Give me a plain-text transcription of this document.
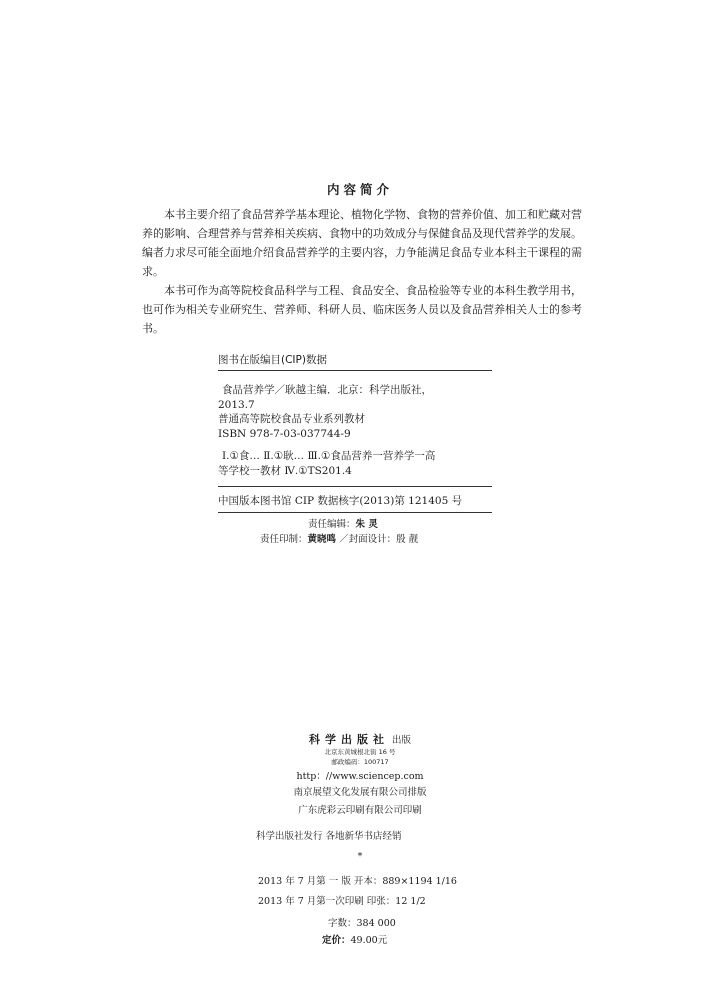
内容简介

本书主要介绍了食品营养学基本理论、植物化学物、食物的营养价值、加工和贮藏对营养的影响、合理营养与营养相关疾病、食物中的功效成分与保健食品及现代营养学的发展。编者力求尽可能全面地介绍食品营养学的主要内容，力争能满足食品专业本科主干课程的需求。

本书可作为高等院校食品科学与工程、食品安全、食品检验等专业的本科生教学用书，也可作为相关专业研究生、营养师、科研人员、临床医务人员以及食品营养相关人士的参考书。

图书在版编目(CIP)数据
食品营养学／耿越主编．北京：科学出版社，
2013.7
普通高等院校食品专业系列教材
ISBN 978-7-03-037744-9
Ⅰ.①食… Ⅱ.①耿… Ⅲ.①食品营养一营养学一高
等学校一教材 Ⅳ.①TS201.4
中国版本图书馆 CIP 数据核字(2013)第 121405 号
责任编辑：朱 灵
责任印制：黄晓鸣 ／封面设计：殷 靓
科学出版社 出版
北京东黄城根北街 16 号
邮政编码：100717
http：//www.sciencep.com
南京展望文化发展有限公司排版
广东虎彩云印刷有限公司印刷
科学出版社发行 各地新华书店经销
*
2013 年 7 月第 一 版 开本：889×1194 1/16
2013 年 7 月第一次印刷 印张：12 1/2
字数：384 000
定价：49.00元
